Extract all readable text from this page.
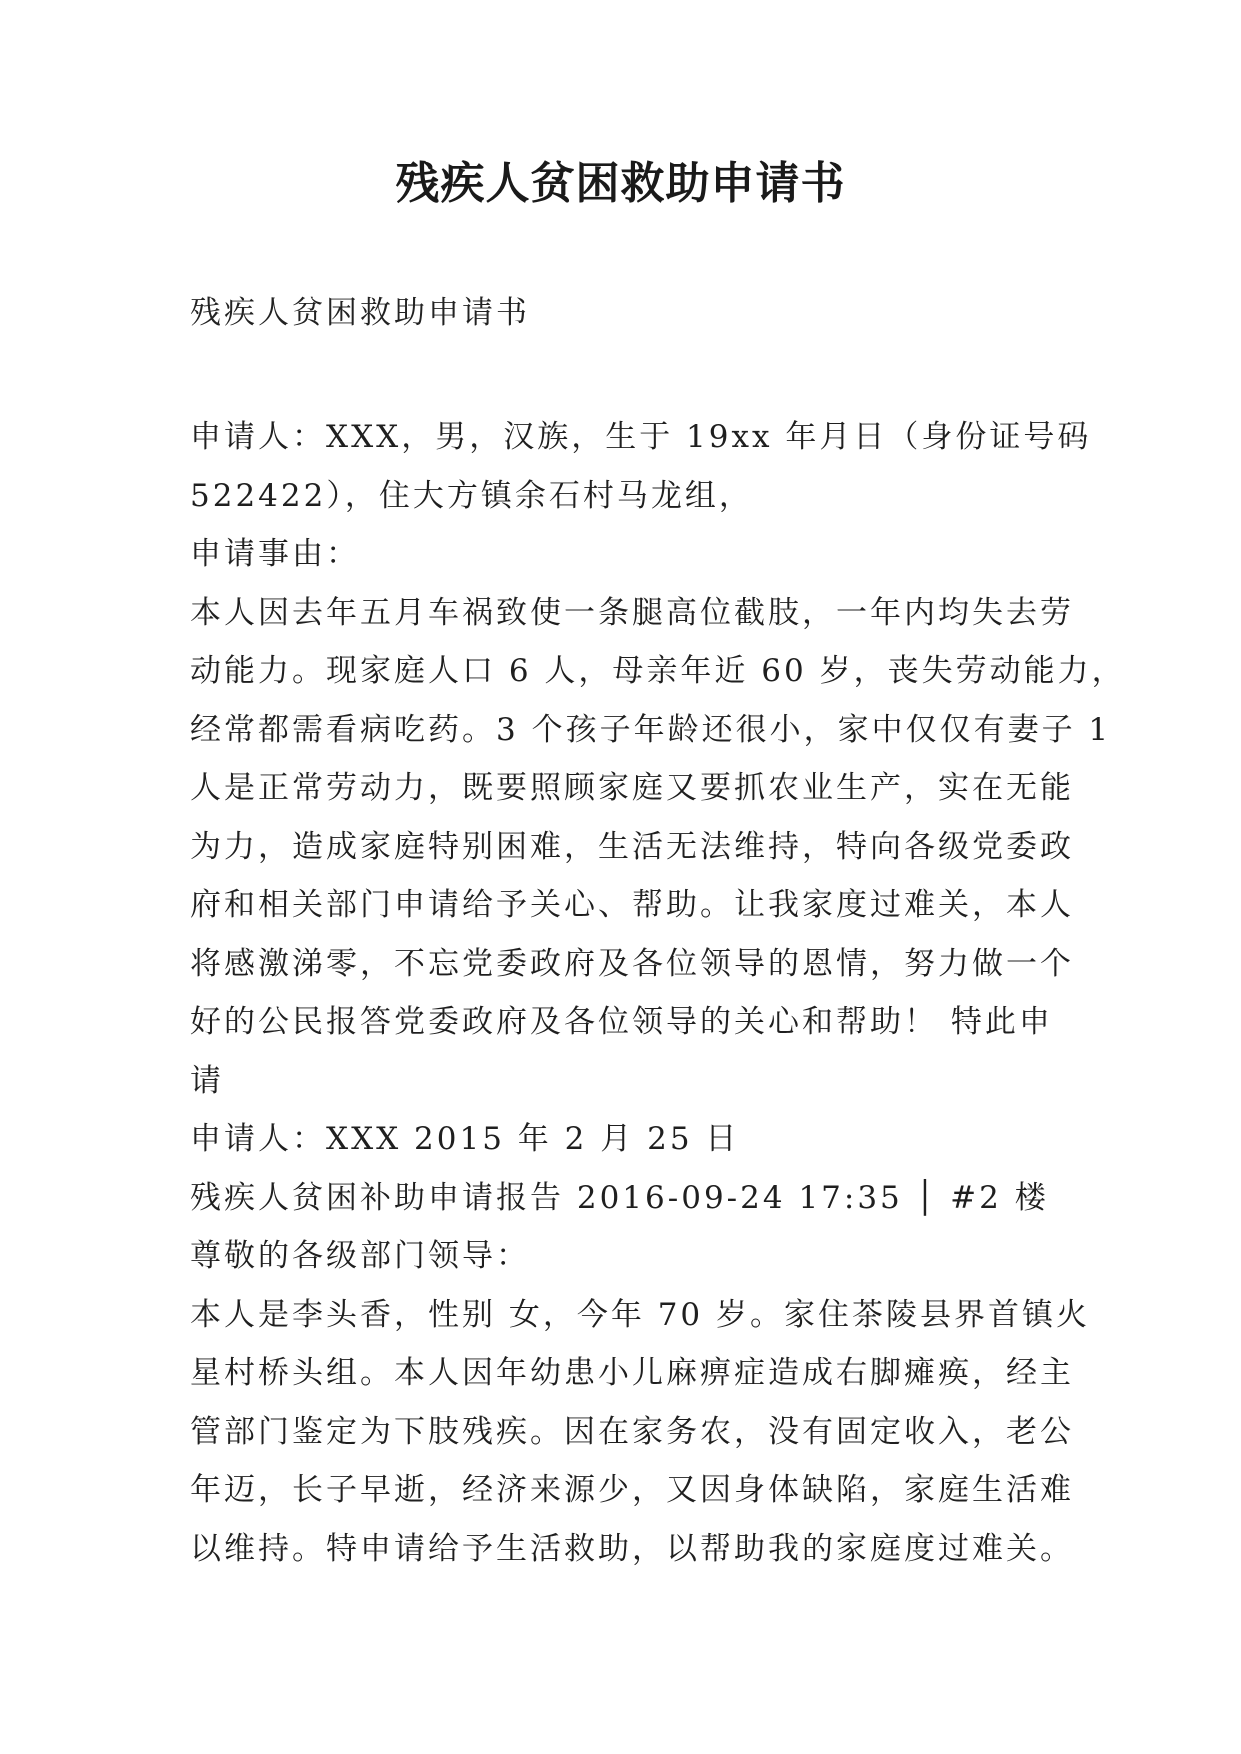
残疾人贫困救助申请书
残疾人贫困救助申请书
申请人：XXX，男，汉族，生于 19xx 年月日（身份证号码
522422），住大方镇余石村马龙组，
申请事由：
本人因去年五月车祸致使一条腿高位截肢，一年内均失去劳
动能力。现家庭人口 6 人，母亲年近 60 岁，丧失劳动能力，
经常都需看病吃药。3 个孩子年龄还很小，家中仅仅有妻子 1
人是正常劳动力，既要照顾家庭又要抓农业生产，实在无能
为力，造成家庭特别困难，生活无法维持，特向各级党委政
府和相关部门申请给予关心、帮助。让我家度过难关，本人
将感激涕零，不忘党委政府及各位领导的恩情，努力做一个
好的公民报答党委政府及各位领导的关心和帮助！ 特此申
请
申请人：XXX 2015 年 2 月 25 日
残疾人贫困补助申请报告 2016-09-24 17:35 │ #2 楼
尊敬的各级部门领导：
本人是李头香，性别 女，今年 70 岁。家住茶陵县界首镇火
星村桥头组。本人因年幼患小儿麻痹症造成右脚瘫痪，经主
管部门鉴定为下肢残疾。因在家务农，没有固定收入，老公
年迈，长子早逝，经济来源少，又因身体缺陷，家庭生活难
以维持。特申请给予生活救助，以帮助我的家庭度过难关。
